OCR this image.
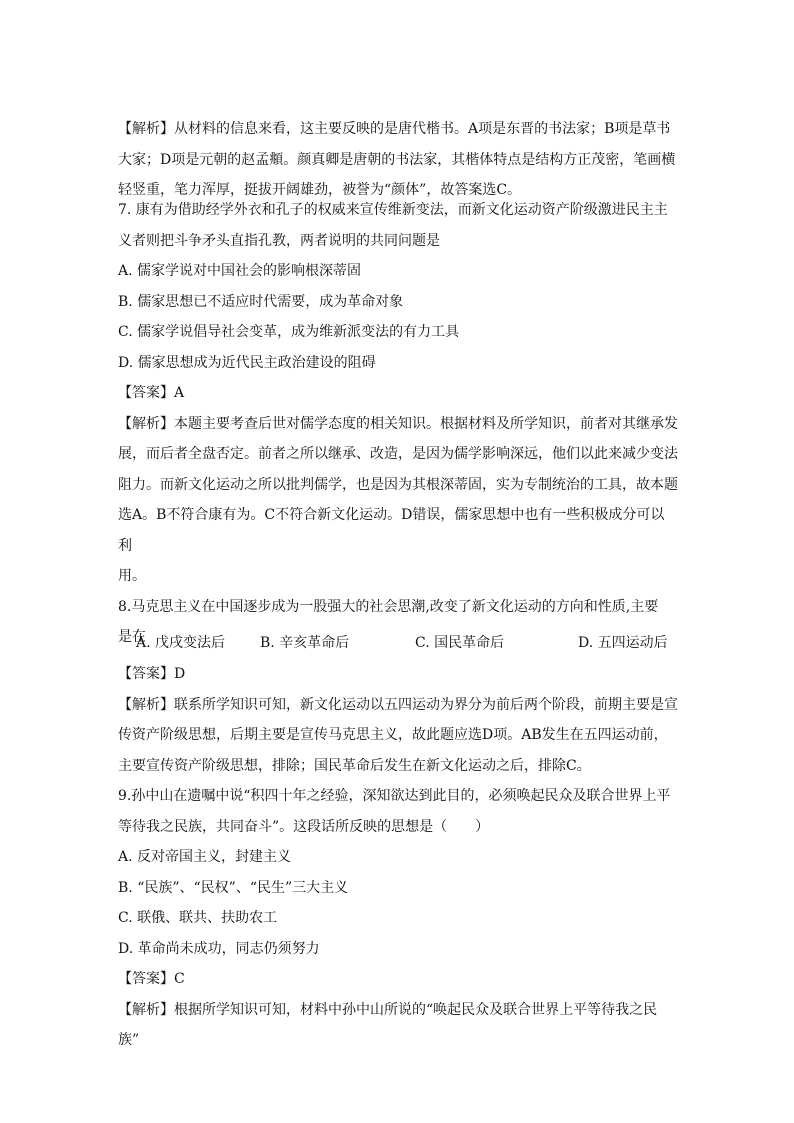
【解析】从材料的信息来看，这主要反映的是唐代楷书。A项是东晋的书法家；B项是草书
大家；D项是元朝的赵孟頫。颜真卿是唐朝的书法家，其楷体特点是结构方正茂密，笔画横
轻竖重，笔力浑厚，挺拔开阔雄劲，被誉为“颜体”，故答案选C。
7. 康有为借助经学外衣和孔子的权威来宣传维新变法，而新文化运动资产阶级激进民主主
义者则把斗争矛头直指孔教，两者说明的共同问题是
A. 儒家学说对中国社会的影响根深蒂固
B. 儒家思想已不适应时代需要，成为革命对象
C. 儒家学说倡导社会变革，成为维新派变法的有力工具
D. 儒家思想成为近代民主政治建设的阻碍
【答案】A
【解析】本题主要考查后世对儒学态度的相关知识。根据材料及所学知识，前者对其继承发
展，而后者全盘否定。前者之所以继承、改造，是因为儒学影响深远，他们以此来减少变法
阻力。而新文化运动之所以批判儒学，也是因为其根深蒂固，实为专制统治的工具，故本题
选A。B不符合康有为。C不符合新文化运动。D错误，儒家思想中也有一些积极成分可以利
用。
8.马克思主义在中国逐步成为一股强大的社会思潮,改变了新文化运动的方向和性质,主要
是在
A. 戊戌变法后 B. 辛亥革命后	C. 国民革命后	D. 五四运动后
【答案】D
【解析】联系所学知识可知，新文化运动以五四运动为界分为前后两个阶段，前期主要是宣
传资产阶级思想，后期主要是宣传马克思主义，故此题应选D项。AB发生在五四运动前，
主要宣传资产阶级思想，排除；国民革命后发生在新文化运动之后，排除C。
9.孙中山在遗嘱中说“积四十年之经验，深知欲达到此目的，必须唤起民众及联合世界上平
等待我之民族，共同奋斗”。这段话所反映的思想是（　　）
A. 反对帝国主义，封建主义
B. “民族”、“民权”、“民生”三大主义
C. 联俄、联共、扶助农工
D. 革命尚未成功，同志仍须努力
【答案】C
【解析】根据所学知识可知，材料中孙中山所说的“唤起民众及联合世界上平等待我之民族”
